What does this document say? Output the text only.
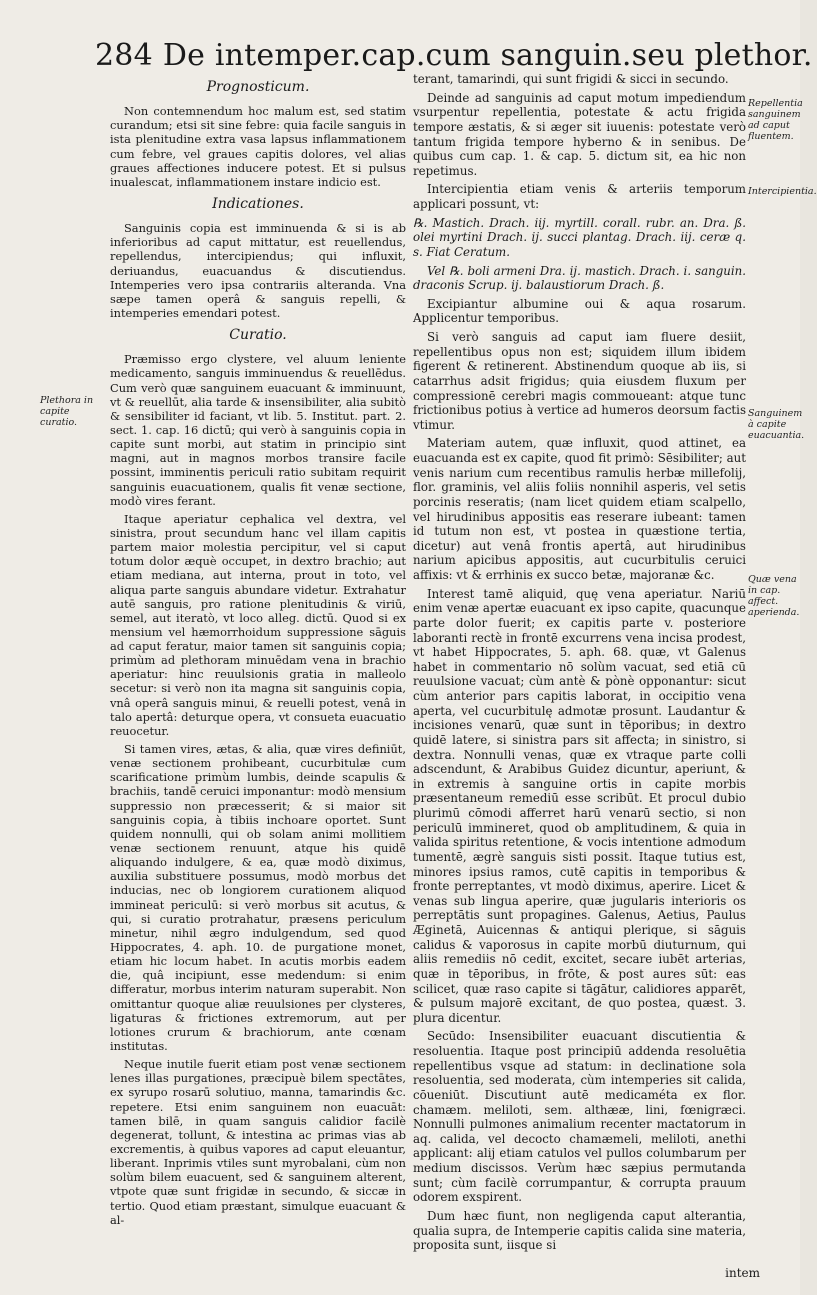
284 De intemper.cap.cum sanguin.seu plethor.
Prognosticum.

Non contemnendum hoc malum est, sed statim curandum; etsi sit sine febre: quia facile sanguis in ista plenitudine extra vasa lapsus inflammationem cum febre, vel graues capitis dolores, vel alias graues affectiones inducere potest. Et si pulsus inualescat, inflammationem instare indicio est.

Indicationes.

Sanguinis copia est imminuenda & si is ab inferioribus ad caput mittatur, est reuellendus, repellendus, intercipiendus; qui influxit, deriuandus, euacuandus & discutiendus. Intemperies vero ipsa contrariis alteranda. Vna sæpe tamen operâ & sanguis repelli, & intemperies emendari potest.

Curatio.

Præmisso ergo clystere, vel aluum leniente medicamento, sanguis imminuendus & reuellēdus. Cum verò quæ sanguinem euacuant & imminuunt, vt & reuellūt, alia tarde & insensibiliter, alia subitò & sensibiliter id faciant, vt lib. 5. Institut. part. 2. sect. 1. cap. 16 dictū; qui verò à sanguinis copia in capite sunt morbi, aut statim in principio sint magni, aut in magnos morbos transire facile possint, imminentis periculi ratio subitam requirit sanguinis euacuationem, qualis fit venæ sectione, modò vires ferant.

Itaque aperiatur cephalica vel dextra, vel sinistra, prout secundum hanc vel illam capitis partem maior molestia percipitur, vel si caput totum dolor æquè occupet, in dextro brachio; aut etiam mediana, aut interna, prout in toto, vel aliqua parte sanguis abundare videtur. Extrahatur autē sanguis, pro ratione plenitudinis & viriū, semel, aut iteratò, vt loco alleg. dictū. Quod si ex mensium vel hæmorrhoidum suppressione sāguis ad caput feratur, maior tamen sit sanguinis copia; primùm ad plethoram minuēdam vena in brachio aperiatur: hinc reuulsionis gratia in malleolo secetur: si verò non ita magna sit sanguinis copia, vnâ operâ sanguis minui, & reuelli potest, venâ in talo apertâ: deturque opera, vt consueta euacuatio reuocetur.

Si tamen vires, ætas, & alia, quæ vires definiūt, venæ sectionem prohibeant, cucurbitulæ cum scarificatione primùm lumbis, deinde scapulis & brachiis, tandē ceruici imponantur: modò mensium suppressio non præcesserit; & si maior sit sanguinis copia, à tibiis inchoare oportet. Sunt quidem nonnulli, qui ob solam animi mollitiem venæ sectionem renuunt, atque his quidē aliquando indulgere, & ea, quæ modò diximus, auxilia substituere possumus, modò morbus det inducias, nec ob longiorem curationem aliquod immineat periculū: si verò morbus sit acutus, & qui, si curatio protrahatur, præsens periculum minetur, nihil ægro indulgendum, sed quod Hippocrates, 4. aph. 10. de purgatione monet, etiam hic locum habet. In acutis morbis eadem die, quâ incipiunt, esse medendum: si enim differatur, morbus interim naturam superabit. Non omittantur quoque aliæ reuulsiones per clysteres, ligaturas & frictiones extremorum, aut per lotiones crurum & brachiorum, ante cœnam institutas.

Neque inutile fuerit etiam post venæ sectionem lenes illas purgationes, præcipuè bilem spectātes, ex syrupo rosarū solutiuo, manna, tamarindis &c. repetere. Etsi enim sanguinem non euacuāt: tamen bilē, in quam sanguis calidior facilè degenerat, tollunt, & intestina ac primas vias ab excrementis, à quibus vapores ad caput eleuantur, liberant. Inprimis vtiles sunt myrobalani, cùm non solùm bilem euacuent, sed & sanguinem alterent, vtpote quæ sunt frigidæ in secundo, & siccæ in tertio. Quod etiam præstant, simulque euacuant & al-

terant, tamarindi, qui sunt frigidi & sicci in secundo.

Deinde ad sanguinis ad caput motum impediendum vsurpentur repellentia, potestate & actu frigida tempore æstatis, & si æger sit iuuenis: potestate verò tantum frigida tempore hyberno & in senibus. De quibus cum cap. 1. & cap. 5. dictum sit, ea hic non repetimus.

Intercipientia etiam venis & arteriis temporum applicari possunt, vt:

℞. Mastich. Drach. iij. myrtill. corall. rubr. an. Dra. ß. olei myrtini Drach. ij. succi plantag. Drach. iij. ceræ q. s. Fiat Ceratum.

Vel ℞. boli armeni Dra. ij. mastich. Drach. i. sanguin. draconis Scrup. ij. balaustiorum Drach. ß.

Excipiantur albumine oui & aqua rosarum. Applicentur temporibus.

Si verò sanguis ad caput iam fluere desiit, repellentibus opus non est; siquidem illum ibidem figerent & retinerent. Abstinendum quoque ab iis, si catarrhus adsit frigidus; quia eiusdem fluxum per compressionē cerebri magis commoueant: atque tunc frictionibus potius à vertice ad humeros deorsum factis vtimur.

Materiam autem, quæ influxit, quod attinet, ea euacuanda est ex capite, quod fit primò: Sēsibiliter; aut venis narium cum recentibus ramulis herbæ millefolij, flor. graminis, vel aliis foliis nonnihil asperis, vel setis porcinis reseratis; (nam licet quidem etiam scalpello, vel hirudinibus appositis eas reserare iubeant: tamen id tutum non est, vt postea in quæstione tertia, dicetur) aut venâ frontis apertâ, aut hirudinibus narium apicibus appositis, aut cucurbitulis ceruici affixis: vt & errhinis ex succo betæ, majoranæ &c.

Interest tamē aliquid, quę vena aperiatur. Nariū enim venæ apertæ euacuant ex ipso capite, quacunque parte dolor fuerit; ex capitis parte v. posteriore laboranti rectè in frontē excurrens vena incisa prodest, vt habet Hippocrates, 5. aph. 68. quæ, vt Galenus habet in commentario nō solùm vacuat, sed etiā cū reuulsione vacuat; cùm antè & pònè opponantur: sicut cùm anterior pars capitis laborat, in occipitio vena aperta, vel cucurbitulę admotæ prosunt. Laudantur & incisiones venarū, quæ sunt in tēporibus; in dextro quidē latere, si sinistra pars sit affecta; in sinistro, si dextra. Nonnulli venas, quæ ex vtraque parte colli adscendunt, & Arabibus Guidez dicuntur, aperiunt, & in extremis à sanguine ortis in capite morbis præsentaneum remediū esse scribūt. Et procul dubio plurimū cōmodi afferret harū venarū sectio, si non periculū immineret, quod ob amplitudinem, & quia in valida spiritus retentione, & vocis intentione admodum tumentē, ægrè sanguis sisti possit. Itaque tutius est, minores ipsius ramos, cutē capitis in temporibus & fronte perreptantes, vt modò diximus, aperire. Licet & venas sub lingua aperire, quæ jugularis interioris os perreptātis sunt propagines. Galenus, Aetius, Paulus Æginetā, Auicennas & antiqui plerique, si sāguis calidus & vaporosus in capite morbū diuturnum, qui aliis remediis nō cedit, excitet, secare iubēt arterias, quæ in tēporibus, in frōte, & post aures sūt: eas scilicet, quæ raso capite si tāgātur, calidiores apparēt, & pulsum majorē excitant, de quo postea, quæst. 3. plura dicentur.

Secūdo: Insensibiliter euacuant discutientia & resoluentia. Itaque post principiū addenda resoluētia repellentibus vsque ad statum: in declinatione sola resoluentia, sed moderata, cùm intemperies sit calida, cōueniūt. Discutiunt autē medicaméta ex flor. chamæm. meliloti, sem. althææ, lini, fœnigræci. Nonnulli pulmones animalium recenter mactatorum in aq. calida, vel decocto chamæmeli, meliloti, anethi applicant: alij etiam catulos vel pullos columbarum per medium discissos. Verùm hæc sæpius permutanda sunt; cùm facilè corrumpantur, & corrupta prauum odorem exspirent.

Dum hæc fiunt, non negligenda caput alterantia, qualia supra, de Intemperie capitis calida sine materia, proposita sunt, iisque si

Plethora in capite curatio.
Repellentia sanguinem ad caput fluentem.
Intercipientia.
Sanguinem à capite euacuantia.
Quæ vena in cap. affect. aperienda.
intem
